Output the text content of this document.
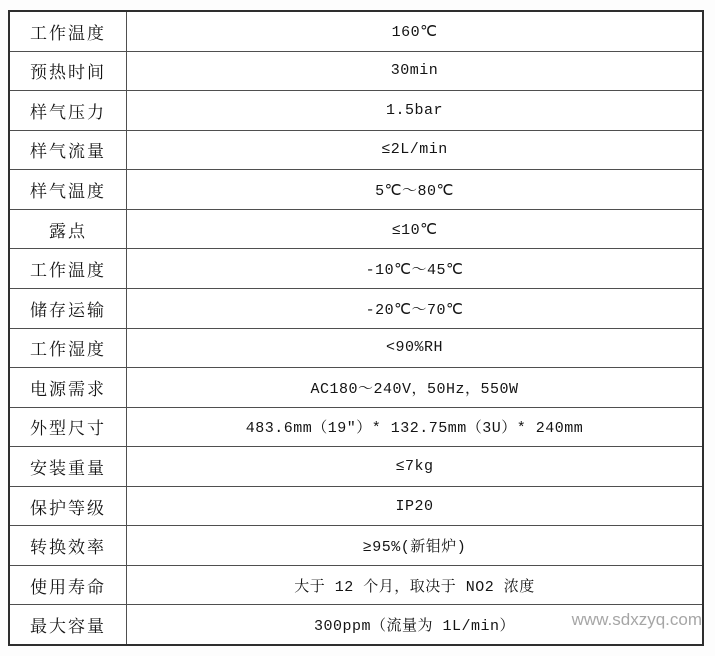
工作温度	160℃
预热时间	30min
样气压力	1.5bar
样气流量	≤2L/min
样气温度	5℃～80℃
露点	≤10℃
工作温度	-10℃～45℃
储存运输	-20℃～70℃
工作湿度	<90%RH
电源需求	AC180～240V，50Hz，550W
外型尺寸	483.6mm（19″）* 132.75mm（3U）* 240mm
安装重量	≤7kg
保护等级	IP20
转换效率	≥95%(新钼炉)
使用寿命	大于 12 个月，取决于 NO2 浓度
最大容量	300ppm（流量为 1L/min）	www.sdxzyq.com
